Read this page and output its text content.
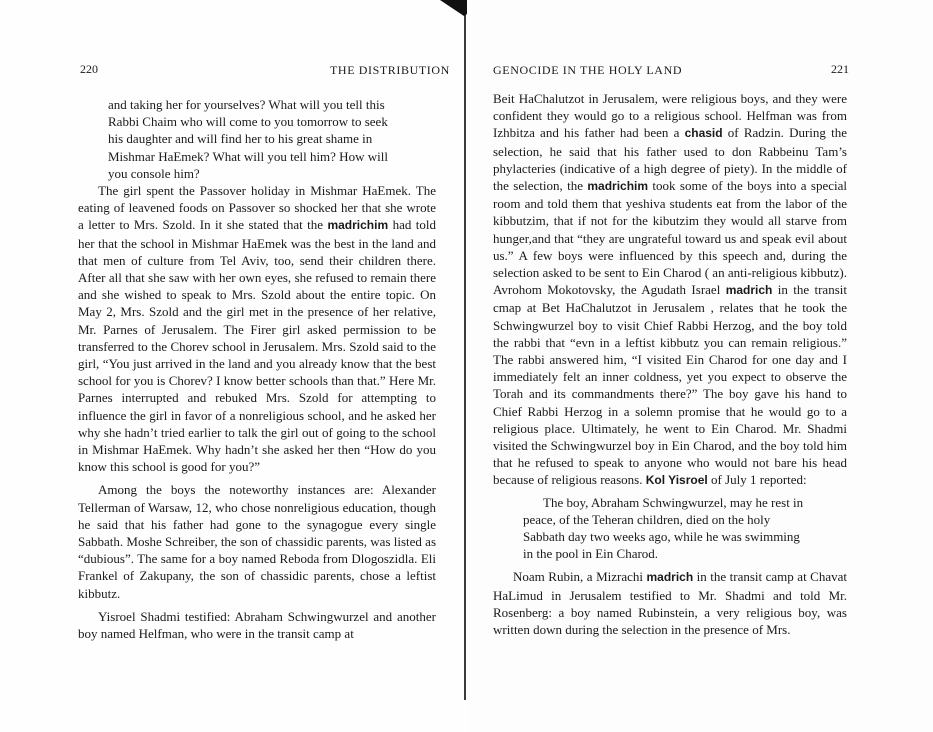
220	THE DISTRIBUTION

and taking her for yourselves? What will you tell this

Rabbi Chaim who will come to you tomorrow to seek

his daughter and will find her to his great shame in

Mishmar HaEmek? What will you tell him? How will

you console him?

The girl spent the Passover holiday in Mishmar HaEmek. The eating of leavened foods on Passover so shocked her that she wrote a letter to Mrs. Szold. In it she stated that the madrichim had told her that the school in Mishmar HaEmek was the best in the land and that men of culture from Tel Aviv, too, send their children there. After all that she saw with her own eyes, she refused to remain there and she wished to speak to Mrs. Szold about the entire topic. On May 2, Mrs. Szold and the girl met in the presence of her relative, Mr. Parnes of Jerusalem. The Firer girl asked permission to be transferred to the Chorev school in Jerusalem. Mrs. Szold said to the girl, “You just arrived in the land and you already know that the best school for you is Chorev? I know better schools than that.” Here Mr. Parnes interrupted and rebuked Mrs. Szold for attempting to influence the girl in favor of a nonreligious school, and he asked her why she hadn’t tried earlier to talk the girl out of going to the school in Mishmar HaEmek. Why hadn’t she asked her then “How do you know this school is good for you?”

Among the boys the noteworthy instances are: Alexander Tellerman of Warsaw, 12, who chose nonreligious education, though he said that his father had gone to the synagogue every single Sabbath. Moshe Schreiber, the son of chassidic parents, was listed as “dubious”. The same for a boy named Reboda from Dlogoszidla. Eli Frankel of Zakupany, the son of chassidic parents, chose a leftist kibbutz.

Yisroel Shadmi testified: Abraham Schwingwurzel and another boy named Helfman, who were in the transit camp at

GENOCIDE IN THE HOLY LAND	221

Beit HaChalutzot in Jerusalem, were religious boys, and they were confident they would go to a religious school. Helfman was from Izhbitza and his father had been a chasid of Radzin. During the selection, he said that his father used to don Rabbeinu Tam’s phylacteries (indicative of a high degree of piety). In the middle of the selection, the madrichim took some of the boys into a special room and told them that yeshiva students eat from the labor of the kibbutzim, that if not for the kibutzim they would all starve from hunger,and that “they are ungrateful toward us and speak evil about us.” A few boys were influenced by this speech and, during the selection asked to be sent to Ein Charod ( an anti-religious kibbutz). Avrohom Mokotovsky, the Agudath Israel madrich in the transit cmap at Bet HaChalutzot in Jerusalem , relates that he took the Schwingwurzel boy to visit Chief Rabbi Herzog, and the boy told the rabbi that “evn in a leftist kibbutz you can remain religious.” The rabbi answered him, “I visited Ein Charod for one day and I immediately felt an inner coldness, yet you expect to observe the Torah and its commandments there?” The boy gave his hand to Chief Rabbi Herzog in a solemn promise that he would go to a religious place. Ultimately, he went to Ein Charod. Mr. Shadmi visited the Schwingwurzel boy in Ein Charod, and the boy told him that he refused to speak to anyone who would not bare his head because of religious reasons. Kol Yisroel of July 1 reported:

The boy, Abraham Schwingwurzel, may he rest in

peace, of the Teheran children, died on the holy

Sabbath day two weeks ago, while he was swimming

in the pool in Ein Charod.

Noam Rubin, a Mizrachi madrich in the transit camp at Chavat HaLimud in Jerusalem testified to Mr. Shadmi and told Mr. Rosenberg: a boy named Rubinstein, a very religious boy, was written down during the selection in the presence of Mrs.
